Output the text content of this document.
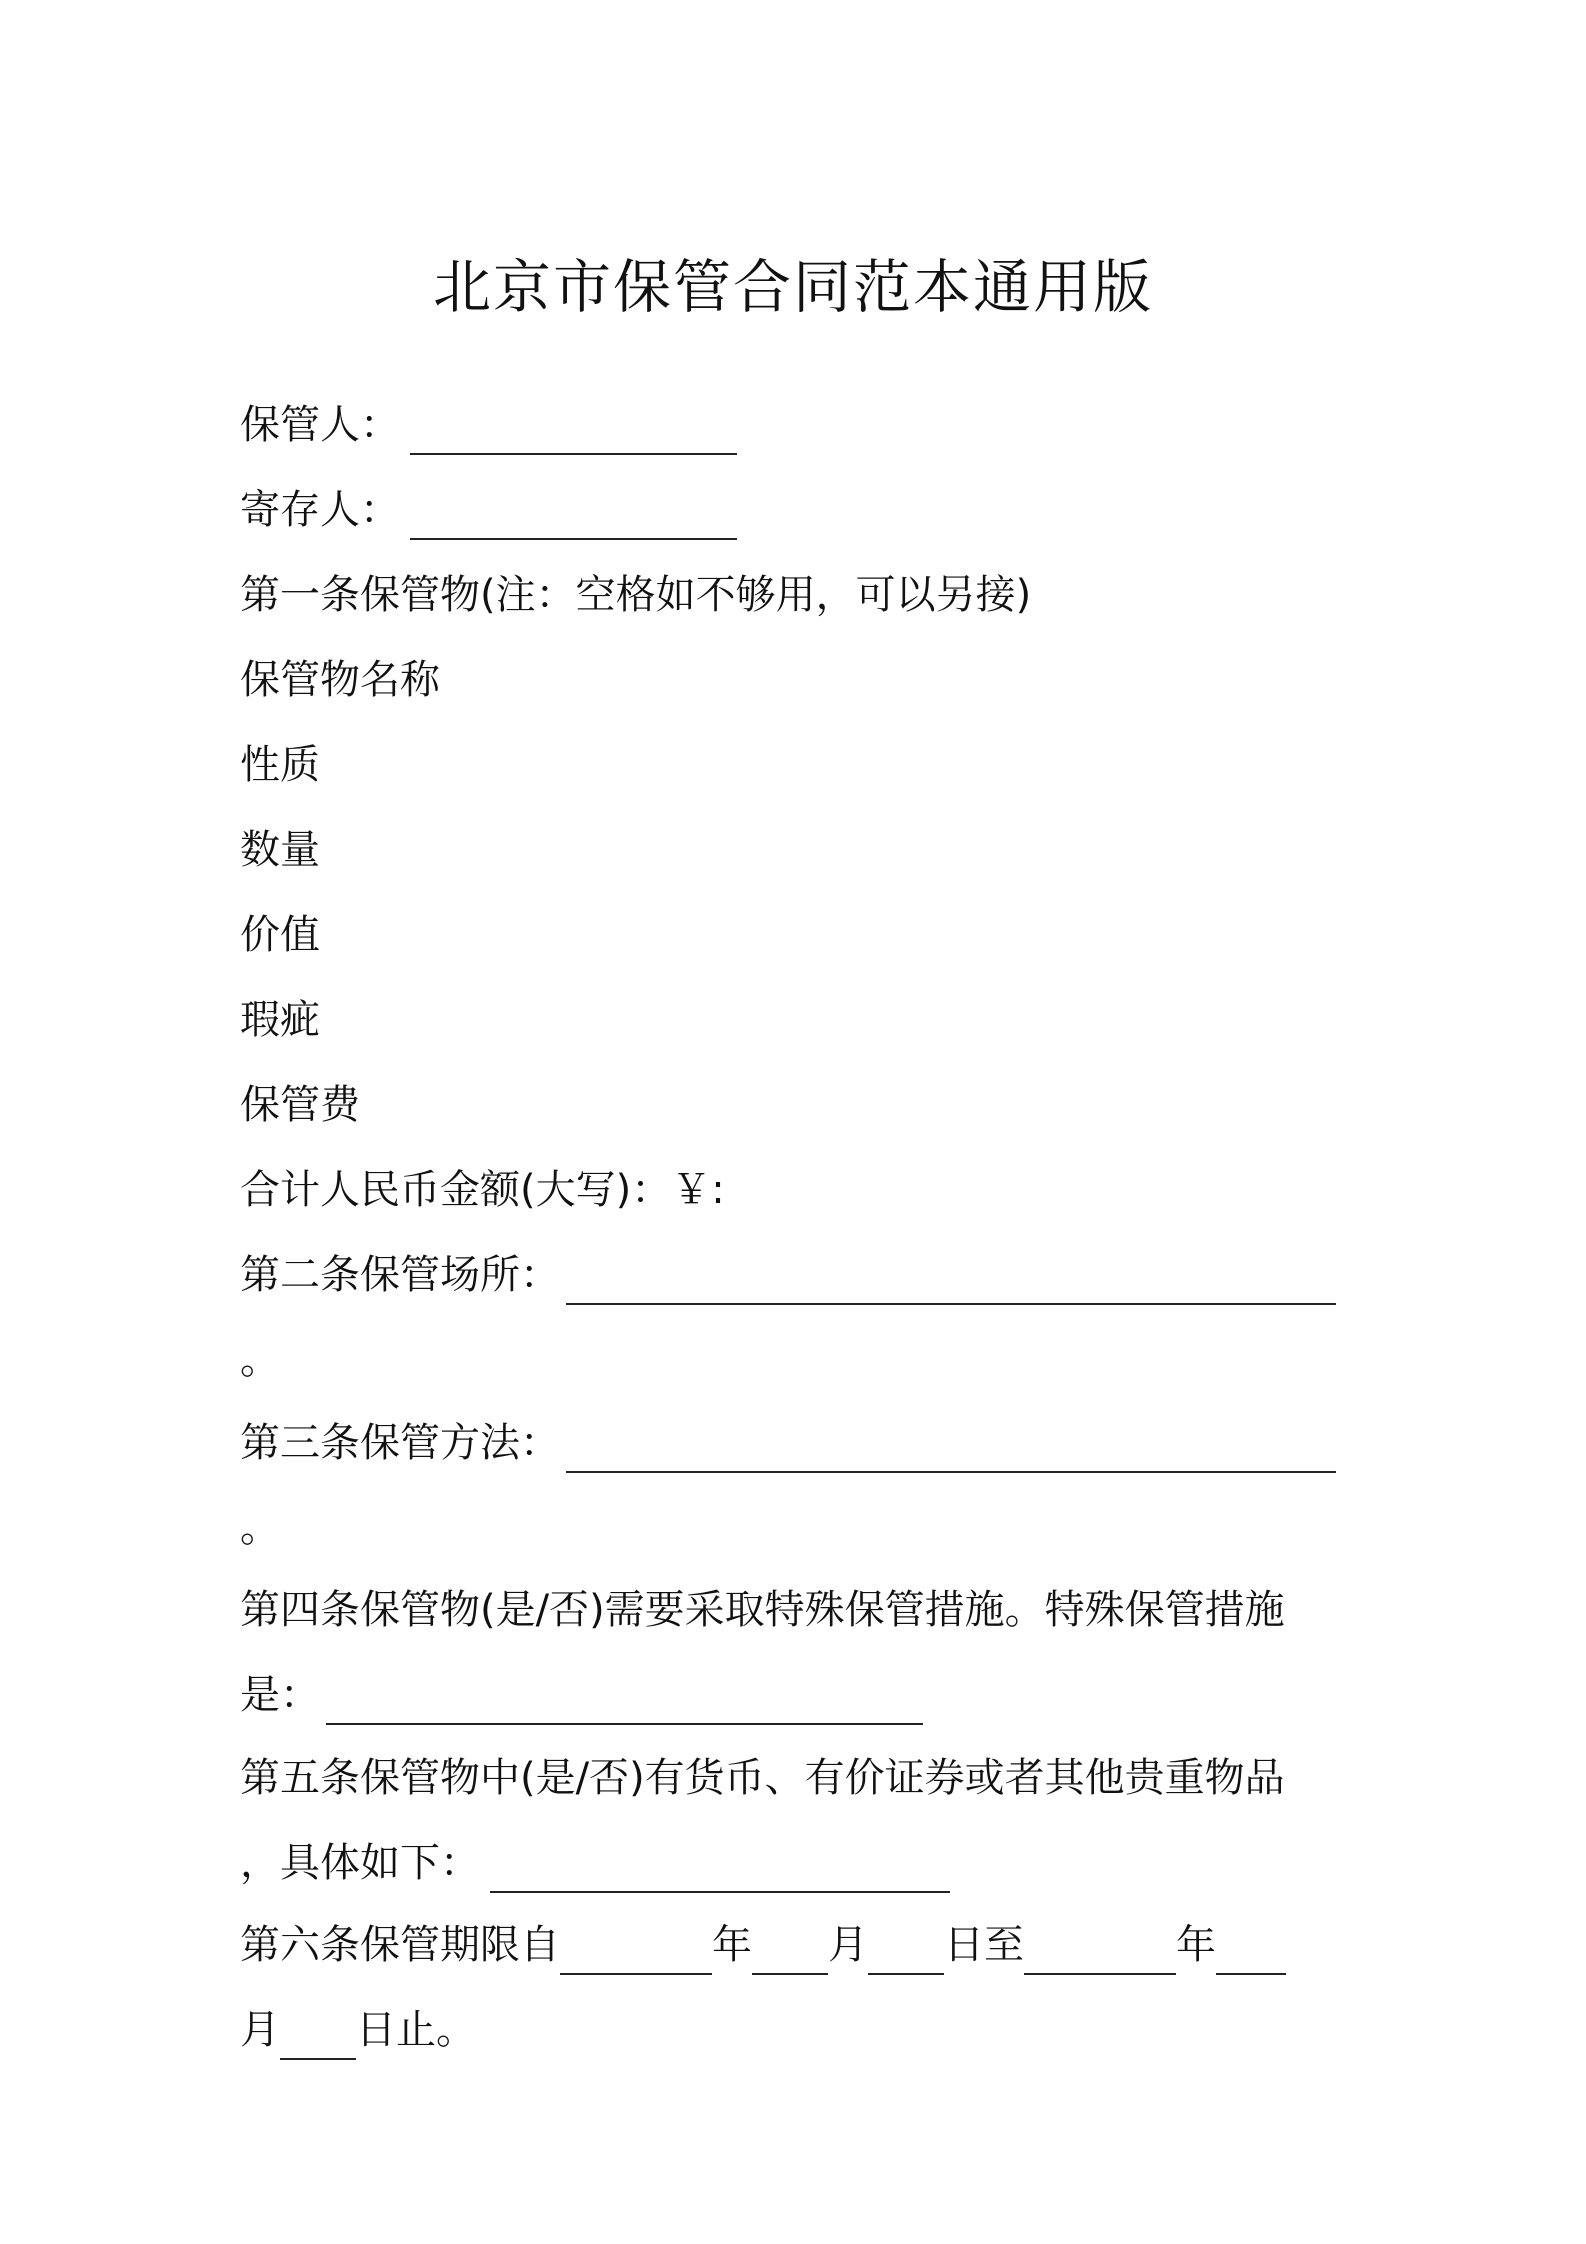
北京市保管合同范本通用版
保管人：
寄存人：
第一条保管物(注：空格如不够用，可以另接)
保管物名称
性质
数量
价值
瑕疵
保管费
合计人民币金额(大写)：￥:
第二条保管场所：
。
第三条保管方法：
。
第四条保管物(是/否)需要采取特殊保管措施。特殊保管措施
是：
第五条保管物中(是/否)有货币、有价证券或者其他贵重物品
，具体如下：
第六条保管期限自	年 月 日至	年
月 日止。
